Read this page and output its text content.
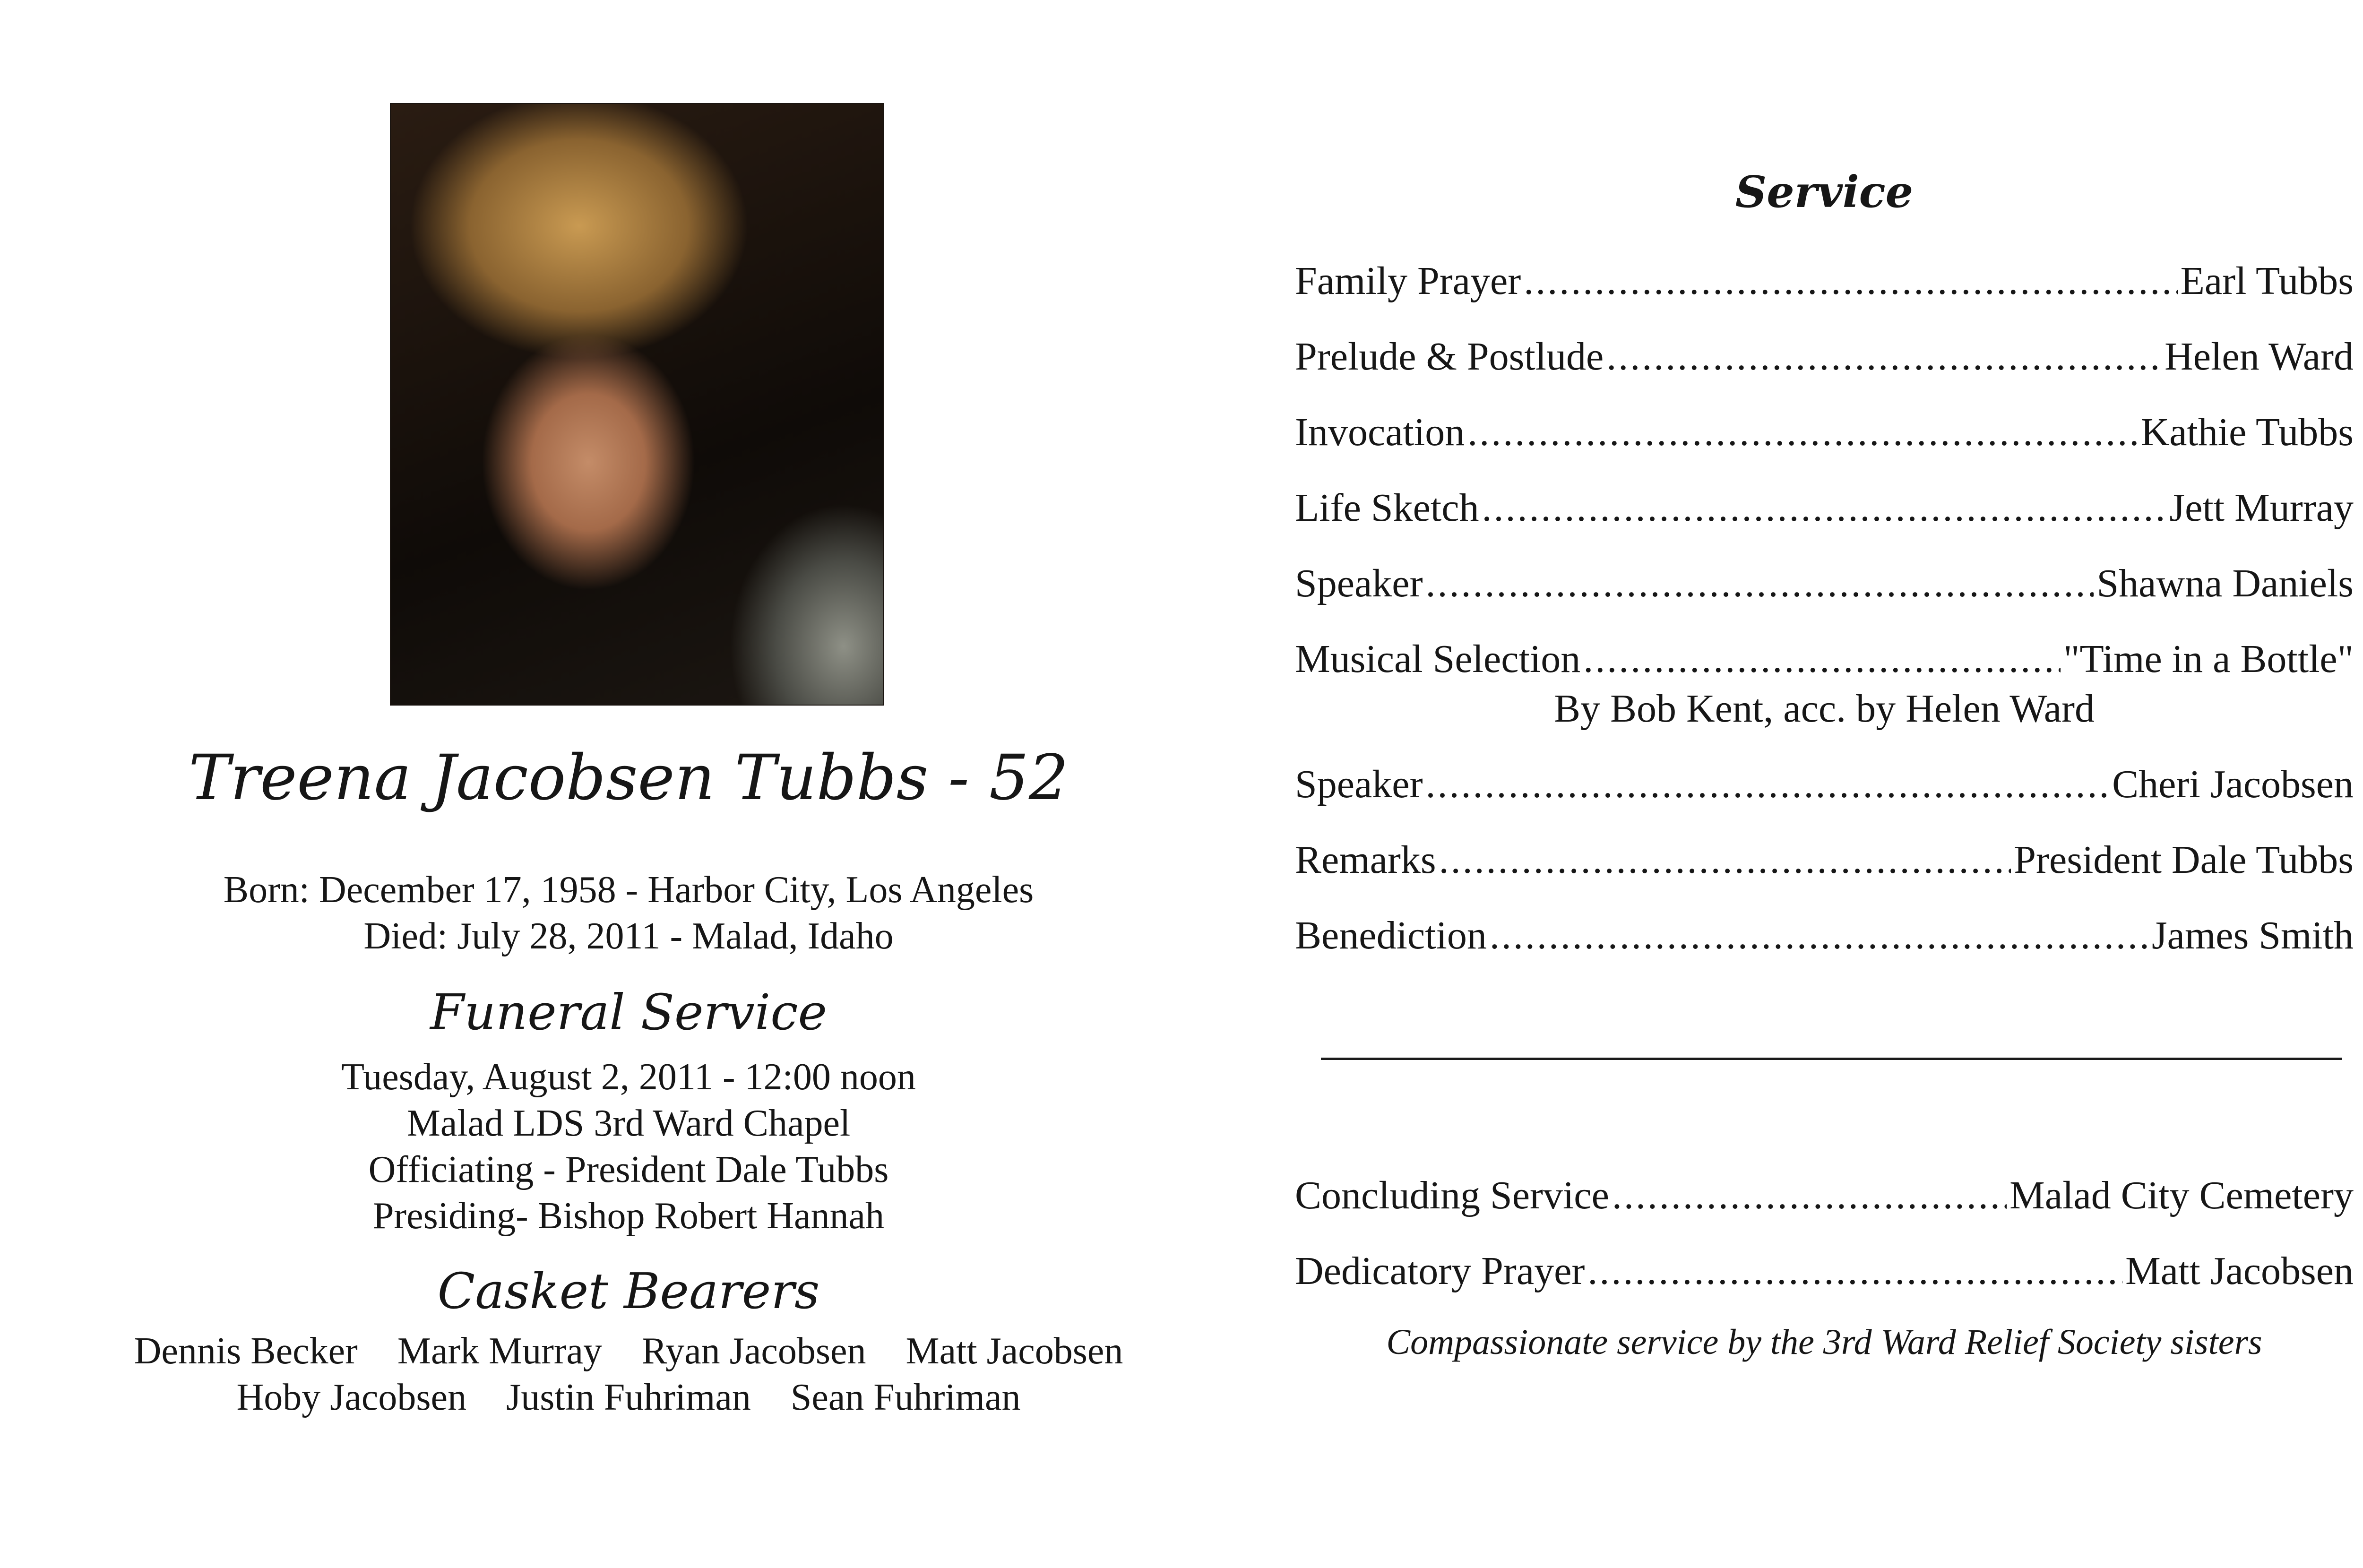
Treena Jacobsen Tubbs - 52
Born: December 17, 1958 - Harbor City, Los Angeles
Died: July 28, 2011 - Malad, Idaho
Funeral Service
Tuesday, August 2, 2011 - 12:00 noon
Malad LDS 3rd Ward Chapel
Officiating - President Dale Tubbs
Presiding- Bishop Robert Hannah
Casket Bearers
Dennis Becker Mark Murray Ryan Jacobsen Matt Jacobsen
Hoby Jacobsen Justin Fuhriman Sean Fuhriman
Service
Family Prayer .....	Earl Tubbs
Prelude & Postlude .....	Helen Ward
Invocation .....	Kathie Tubbs
Life Sketch .....	Jett Murray
Speaker .....	Shawna Daniels
Musical Selection .....	"Time in a Bottle"
By Bob Kent, acc. by Helen Ward
Speaker .....	Cheri Jacobsen
Remarks .....	President Dale Tubbs
Benediction .....	James Smith
Concluding Service .....	Malad City Cemetery
Dedicatory Prayer .....	Matt Jacobsen
Compassionate service by the 3rd Ward Relief Society sisters
